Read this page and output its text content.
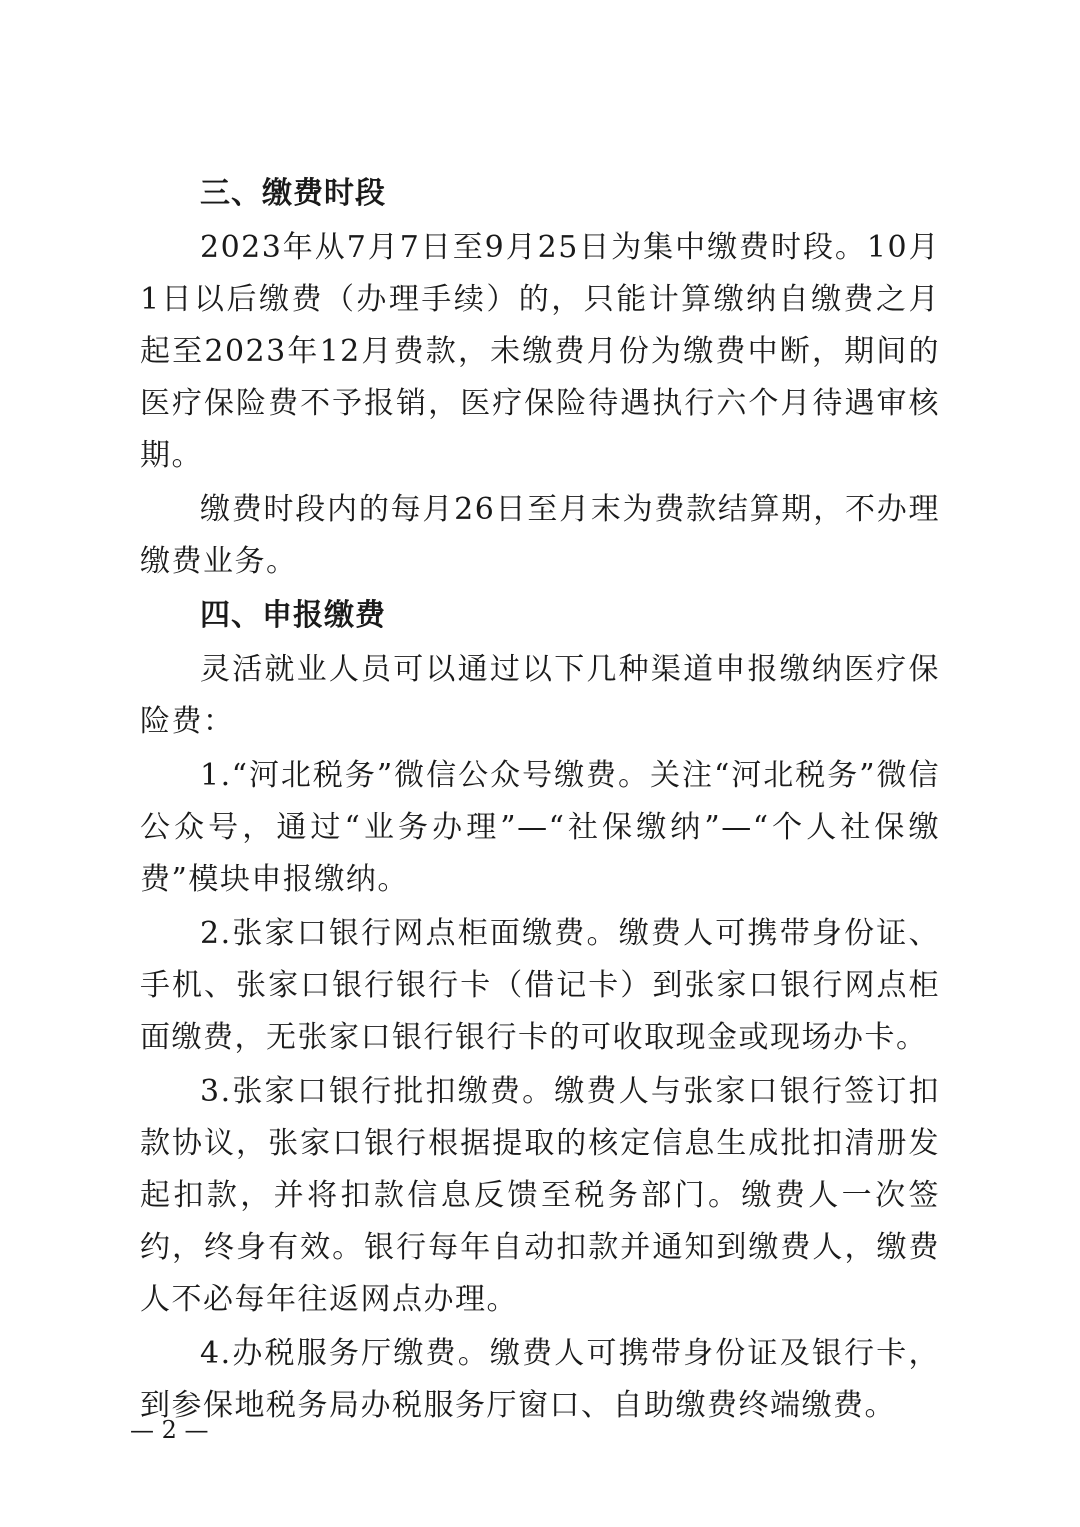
三、缴费时段

2023年从7月7日至9月25日为集中缴费时段。10月1日以后缴费（办理手续）的，只能计算缴纳自缴费之月起至2023年12月费款，未缴费月份为缴费中断，期间的医疗保险费不予报销，医疗保险待遇执行六个月待遇审核期。

缴费时段内的每月26日至月末为费款结算期，不办理缴费业务。

四、申报缴费

灵活就业人员可以通过以下几种渠道申报缴纳医疗保险费：

1.“河北税务”微信公众号缴费。关注“河北税务”微信公众号，通过“业务办理”—“社保缴纳”—“个人社保缴费”模块申报缴纳。

2.张家口银行网点柜面缴费。缴费人可携带身份证、手机、张家口银行银行卡（借记卡）到张家口银行网点柜面缴费，无张家口银行银行卡的可收取现金或现场办卡。

3.张家口银行批扣缴费。缴费人与张家口银行签订扣款协议，张家口银行根据提取的核定信息生成批扣清册发起扣款，并将扣款信息反馈至税务部门。缴费人一次签约，终身有效。银行每年自动扣款并通知到缴费人，缴费人不必每年往返网点办理。

4.办税服务厅缴费。缴费人可携带身份证及银行卡，到参保地税务局办税服务厅窗口、自助缴费终端缴费。

— 2 —
